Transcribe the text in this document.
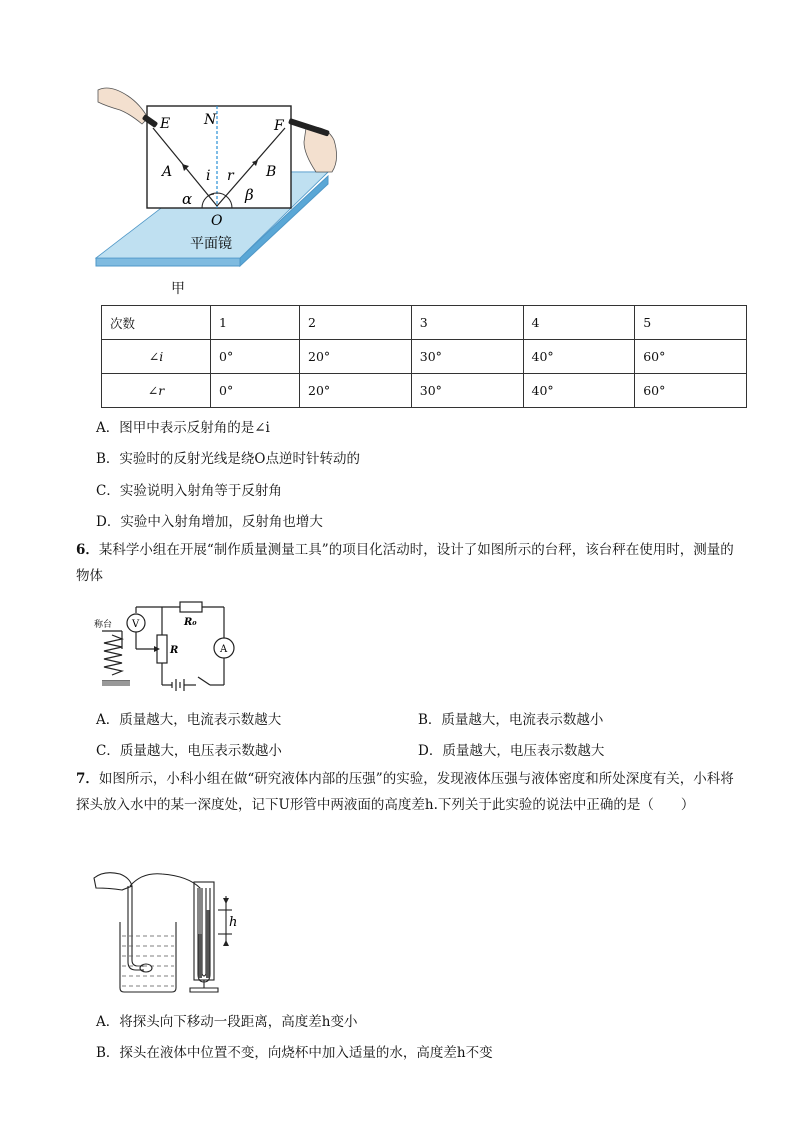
E N	F
A	B
i r
α	β
O
平面镜
甲
次数	1	2	3	4	5
∠i	0°	20°	30°	40°	60°
∠r	0°	20°	30°	40°	60°
A．图甲中表示反射角的是∠i
B．实验时的反射光线是绕O点逆时针转动的
C．实验说明入射角等于反射角
D．实验中入射角增加，反射角也增大
6．某科学小组在开展“制作质量测量工具”的项目化活动时，设计了如图所示的台秤，该台秤在使用时，测量的物体
V
A
R₀
R
称台
A．质量越大，电流表示数越大	B．质量越大，电流表示数越小
C．质量越大，电压表示数越小	D．质量越大，电压表示数越大
7．如图所示，小科小组在做“研究液体内部的压强”的实验，发现液体压强与液体密度和所处深度有关，小科将探头放入水中的某一深度处，记下U形管中两液面的高度差h.下列关于此实验的说法中正确的是（　　）
h
A．将探头向下移动一段距离，高度差h变小
B．探头在液体中位置不变，向烧杯中加入适量的水，高度差h不变
